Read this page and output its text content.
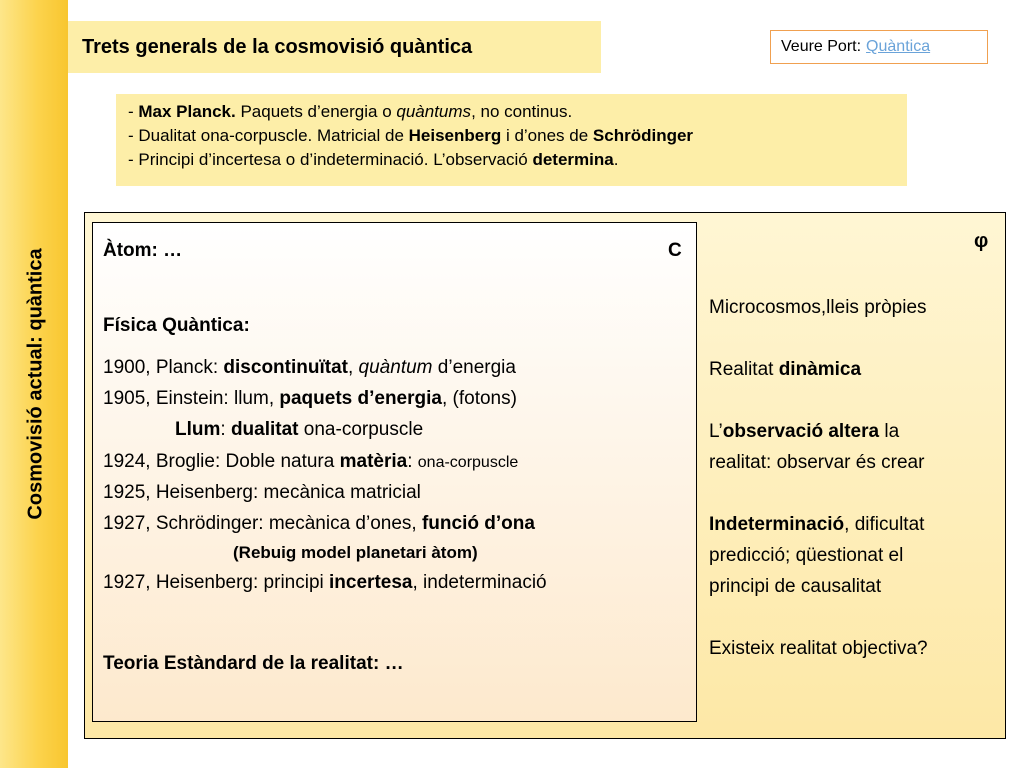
Cosmovisió actual: quàntica
Trets generals de la cosmovisió quàntica	Veure Port: Quàntica
- Max Planck. Paquets d’energia o quàntums, no continus.
- Dualitat ona-corpuscle. Matricial de Heisenberg i d’ones de Schrödinger
- Principi d’incertesa o d’indeterminació. L’observació determina.
Àtom: …	C
Física Quàntica:
1900, Planck: discontinuïtat, quàntum d’energia
1905, Einstein: llum, paquets d’energia, (fotons)
Llum: dualitat ona-corpuscle
1924, Broglie: Doble natura matèria: ona-corpuscle
1925, Heisenberg: mecànica matricial
1927, Schrödinger: mecànica d’ones, funció d’ona
(Rebuig model planetari àtom)
1927, Heisenberg: principi incertesa, indeterminació
Teoria Estàndard de la realitat: …
φ
Microcosmos,lleis pròpies
Realitat dinàmica
L’observació altera la
realitat: observar és crear
Indeterminació, dificultat
predicció; qüestionat el
principi de causalitat
Existeix realitat objectiva?
